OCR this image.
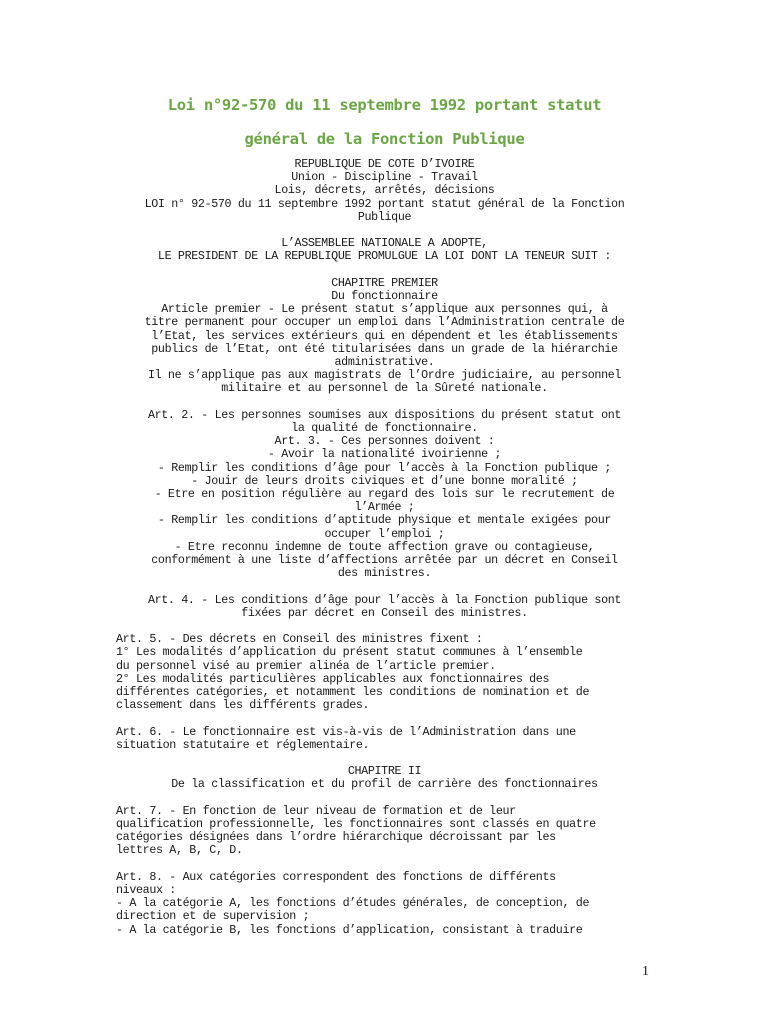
Loi n°92-570 du 11 septembre 1992 portant statut
général de la Fonction Publique
REPUBLIQUE DE COTE D’IVOIRE
Union - Discipline - Travail
Lois, décrets, arrêtés, décisions
LOI n° 92-570 du 11 septembre 1992 portant statut général de la Fonction
Publique
L’ASSEMBLEE NATIONALE A ADOPTE,
LE PRESIDENT DE LA REPUBLIQUE PROMULGUE LA LOI DONT LA TENEUR SUIT :
CHAPITRE PREMIER
Du fonctionnaire
Article premier - Le présent statut s’applique aux personnes qui, à
titre permanent pour occuper un emploi dans l’Administration centrale de
l’Etat, les services extérieurs qui en dépendent et les établissements
publics de l’Etat, ont été titularisées dans un grade de la hiérarchie
administrative.
Il ne s’applique pas aux magistrats de l’Ordre judiciaire, au personnel
militaire et au personnel de la Sûreté nationale.
Art. 2. - Les personnes soumises aux dispositions du présent statut ont
la qualité de fonctionnaire.
Art. 3. - Ces personnes doivent :
- Avoir la nationalité ivoirienne ;
- Remplir les conditions d’âge pour l’accès à la Fonction publique ;
- Jouir de leurs droits civiques et d’une bonne moralité ;
- Etre en position régulière au regard des lois sur le recrutement de
l’Armée ;
- Remplir les conditions d’aptitude physique et mentale exigées pour
occuper l’emploi ;
- Etre reconnu indemne de toute affection grave ou contagieuse,
conformément à une liste d’affections arrêtée par un décret en Conseil
des ministres.
Art. 4. - Les conditions d’âge pour l’accès à la Fonction publique sont
fixées par décret en Conseil des ministres.
Art. 5. - Des décrets en Conseil des ministres fixent :
1° Les modalités d’application du présent statut communes à l’ensemble
du personnel visé au premier alinéa de l’article premier.
2° Les modalités particulières applicables aux fonctionnaires des
différentes catégories, et notamment les conditions de nomination et de
classement dans les différents grades.
Art. 6. - Le fonctionnaire est vis-à-vis de l’Administration dans une
situation statutaire et réglementaire.
CHAPITRE II
De la classification et du profil de carrière des fonctionnaires
Art. 7. - En fonction de leur niveau de formation et de leur
qualification professionnelle, les fonctionnaires sont classés en quatre
catégories désignées dans l’ordre hiérarchique décroissant par les
lettres A, B, C, D.
Art. 8. - Aux catégories correspondent des fonctions de différents
niveaux :
- A la catégorie A, les fonctions d’études générales, de conception, de
direction et de supervision ;
- A la catégorie B, les fonctions d’application, consistant à traduire
1
